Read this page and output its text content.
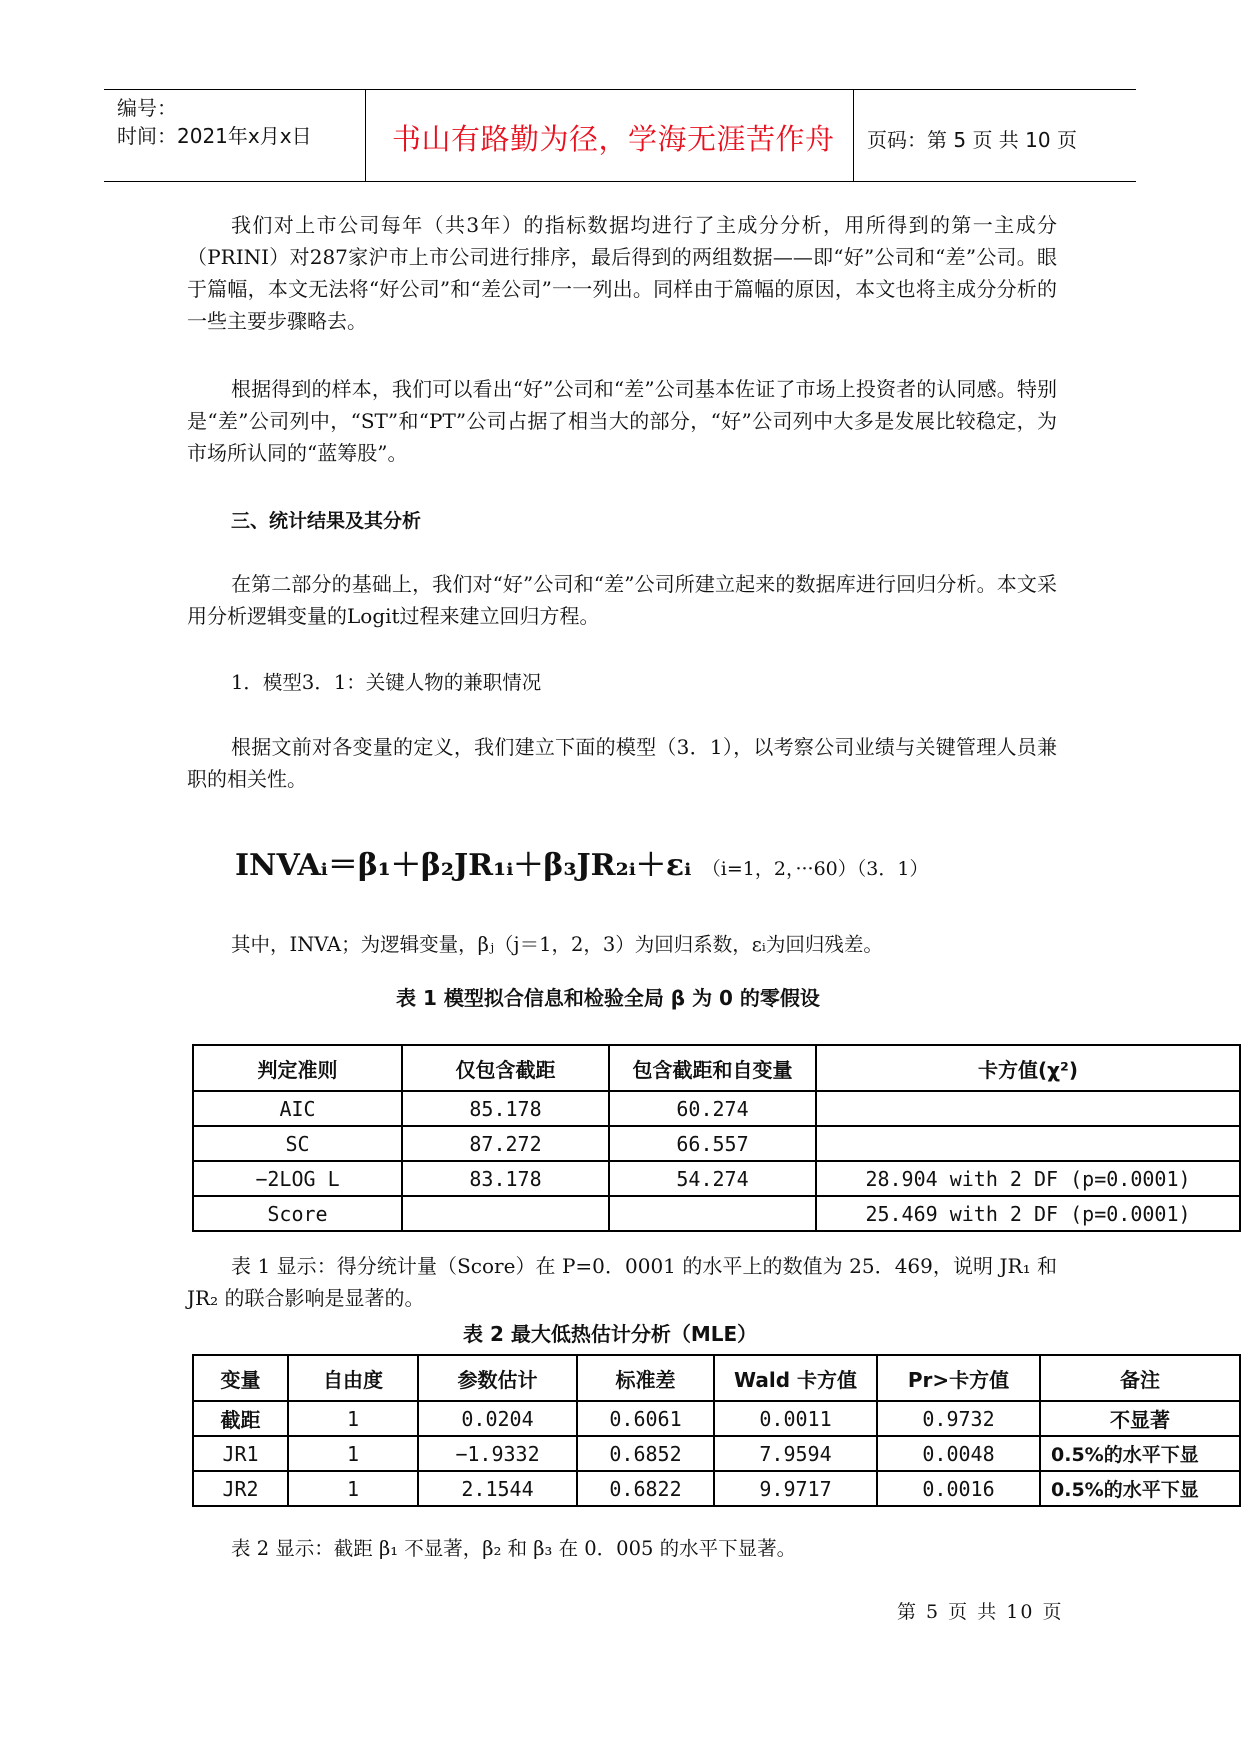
编号：
时间：2021年x月x日	书山有路勤为径，学海无涯苦作舟 页码：第 5 页 共 10 页

我们对上市公司每年（共3年）的指标数据均进行了主成分分析，用所得到的第一主成分（PRINI）对287家沪市上市公司进行排序，最后得到的两组数据——即“好”公司和“差”公司。眼于篇幅，本文无法将“好公司”和“差公司”一一列出。同样由于篇幅的原因，本文也将主成分分析的一些主要步骤略去。

根据得到的样本，我们可以看出“好”公司和“差”公司基本佐证了市场上投资者的认同感。特别是“差”公司列中，“ST”和“PT”公司占据了相当大的部分，“好”公司列中大多是发展比较稳定，为市场所认同的“蓝筹股”。

三、统计结果及其分析

在第二部分的基础上，我们对“好”公司和“差”公司所建立起来的数据库进行回归分析。本文采用分析逻辑变量的Logit过程来建立回归方程。

1．模型3．1：关键人物的兼职情况

根据文前对各变量的定义，我们建立下面的模型（3．1），以考察公司业绩与关键管理人员兼职的相关性。

INVAᵢ＝β₁＋β₂JR₁ᵢ＋β₃JR₂ᵢ＋εᵢ （i=1，2，···60）（3．1）
其中，INVA；为逻辑变量，βⱼ（j＝1，2，3）为回归系数，εᵢ为回归残差。
表 1 模型拟合信息和检验全局 β 为 0 的零假设
判定准则	仅包含截距	包含截距和自变量	卡方值(χ²)
AIC	85.178	60.274	
SC	87.272	66.557	
−2LOG L	83.178	54.274	28.904 with 2 DF (p=0.0001)
Score			25.469 with 2 DF (p=0.0001)

表 1 显示：得分统计量（Score）在 P=0．0001 的水平上的数值为 25．469，说明 JR₁ 和 JR₂ 的联合影响是显著的。

表 2 最大低热估计分析（MLE）
变量	自由度	参数估计	标准差	Wald 卡方值	Pr>卡方值	备注
截距	1	0.0204	0.6061	0.0011	0.9732	不显著
JR1	1	−1.9332	0.6852	7.9594	0.0048	0.5%的水平下显
JR2	1	2.1544	0.6822	9.9717	0.0016	0.5%的水平下显
表 2 显示：截距 β₁ 不显著，β₂ 和 β₃ 在 0．005 的水平下显著。
第 5 页 共 10 页
